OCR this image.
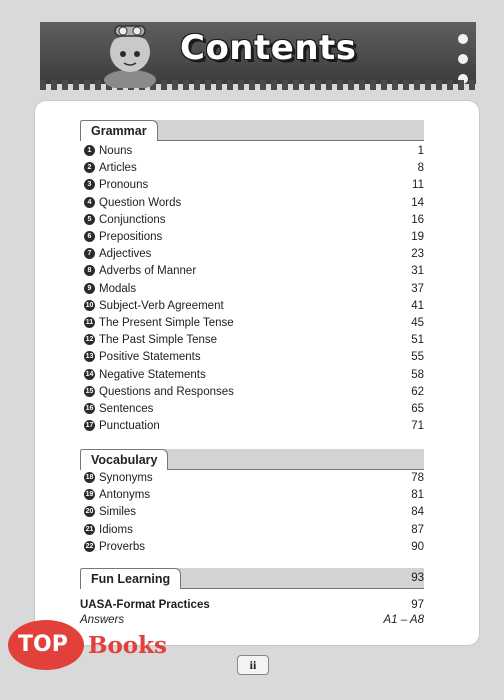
Contents
Grammar
1 Nouns	1
2 Articles	8
3 Pronouns	11
4 Question Words	14
5 Conjunctions	16
6 Prepositions	19
7 Adjectives	23
8 Adverbs of Manner	31
9 Modals	37
10 Subject-Verb Agreement	41
11 The Present Simple Tense	45
12 The Past Simple Tense	51
13 Positive Statements	55
14 Negative Statements	58
15 Questions and Responses	62
16 Sentences	65
17 Punctuation	71
Vocabulary
18 Synonyms	78
19 Antonyms	81
20 Similes	84
21 Idioms	87
22 Proverbs	90
Fun Learning	93
UASA-Format Practices	97
Answers	A1 – A8
TOP Books
ii
